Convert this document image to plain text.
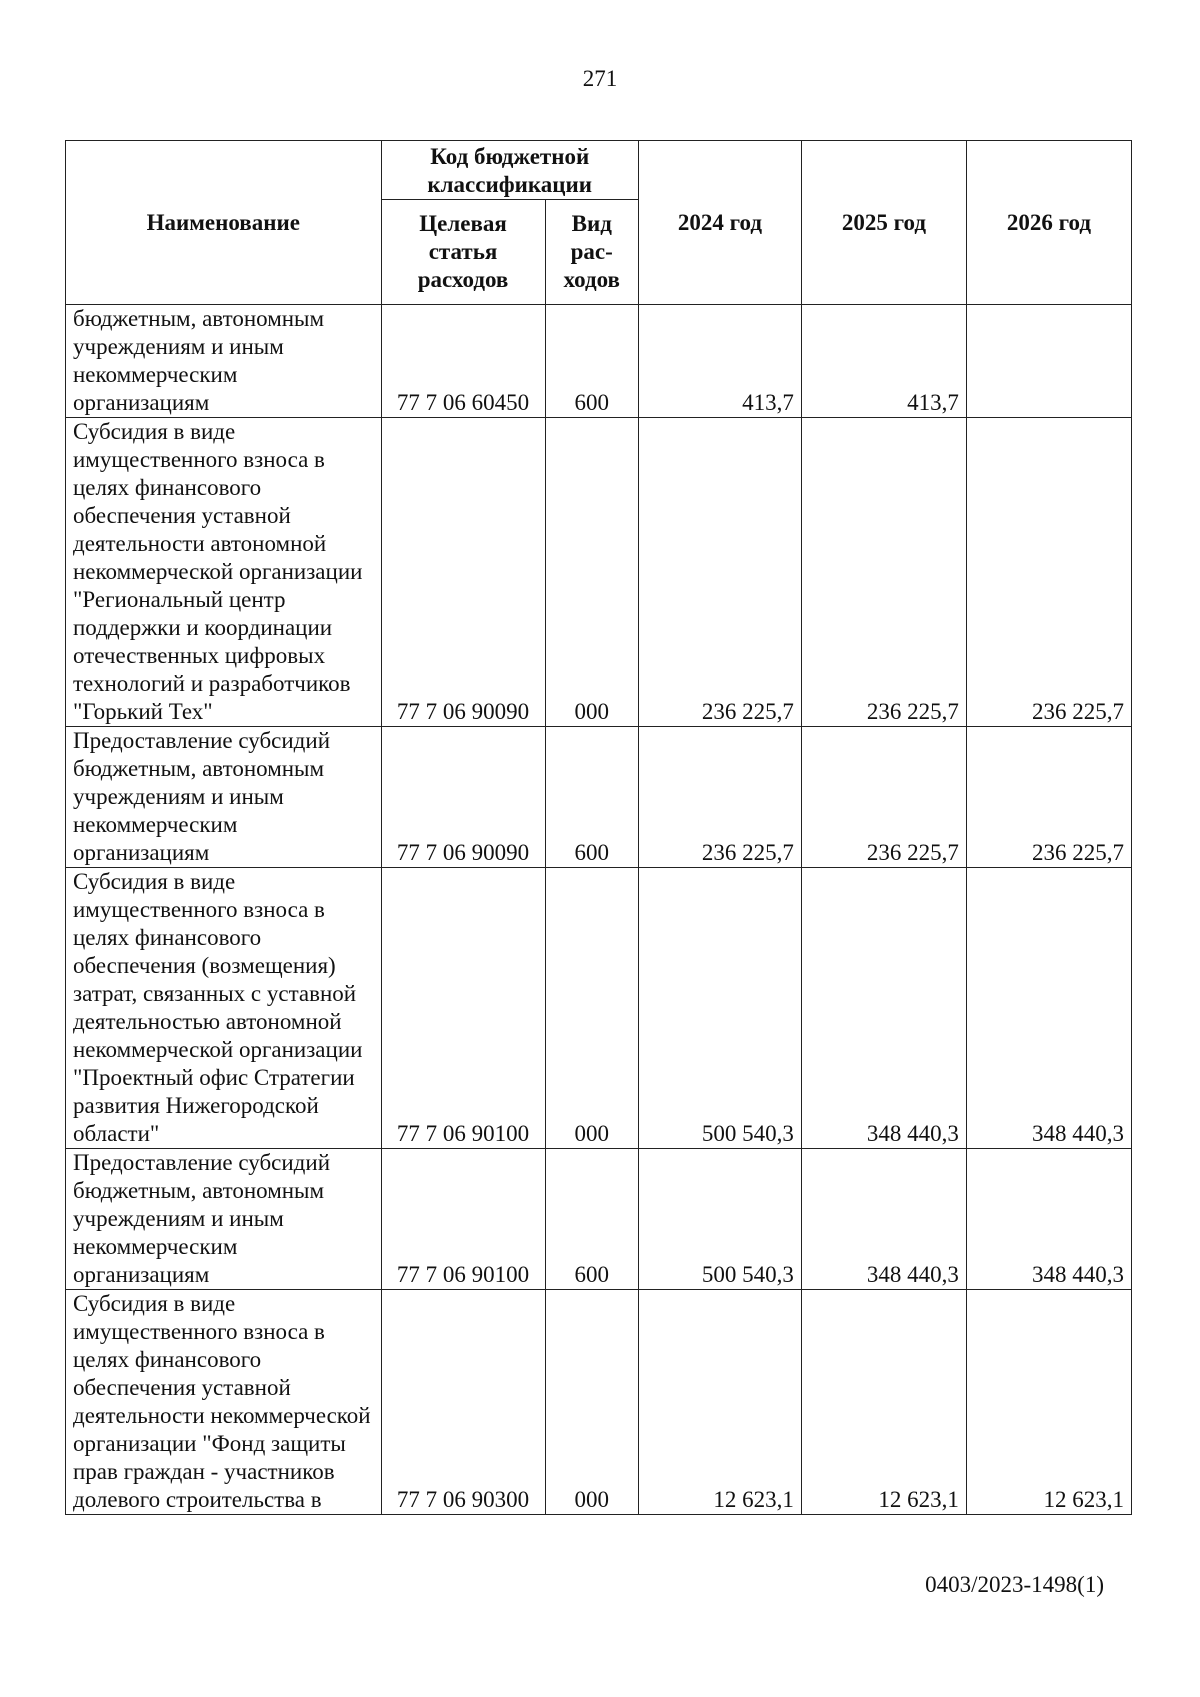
271
Наименование	Код бюджетной классификации		2024 год	2025 год	2026 год
	Целевая статья расходов	Вид рас-ходов			
бюджетным, автономным учреждениям и иным некоммерческим организациям	77 7 06 60450	600	413,7	413,7	
Субсидия в виде имущественного взноса в целях финансового обеспечения уставной деятельности автономной некоммерческой организации "Региональный центр поддержки и координации отечественных цифровых технологий и разработчиков "Горький Тех"	77 7 06 90090	000	236 225,7	236 225,7	236 225,7
Предоставление субсидий бюджетным, автономным учреждениям и иным некоммерческим организациям	77 7 06 90090	600	236 225,7	236 225,7	236 225,7
Субсидия в виде имущественного взноса в целях финансового обеспечения (возмещения) затрат, связанных с уставной деятельностью автономной некоммерческой организации "Проектный офис Стратегии развития Нижегородской области"	77 7 06 90100	000	500 540,3	348 440,3	348 440,3
Предоставление субсидий бюджетным, автономным учреждениям и иным некоммерческим организациям	77 7 06 90100	600	500 540,3	348 440,3	348 440,3
Субсидия в виде имущественного взноса в целях финансового обеспечения уставной деятельности некоммерческой организации "Фонд защиты прав граждан - участников долевого строительства в	77 7 06 90300	000	12 623,1	12 623,1	12 623,1
0403/2023-1498(1)
